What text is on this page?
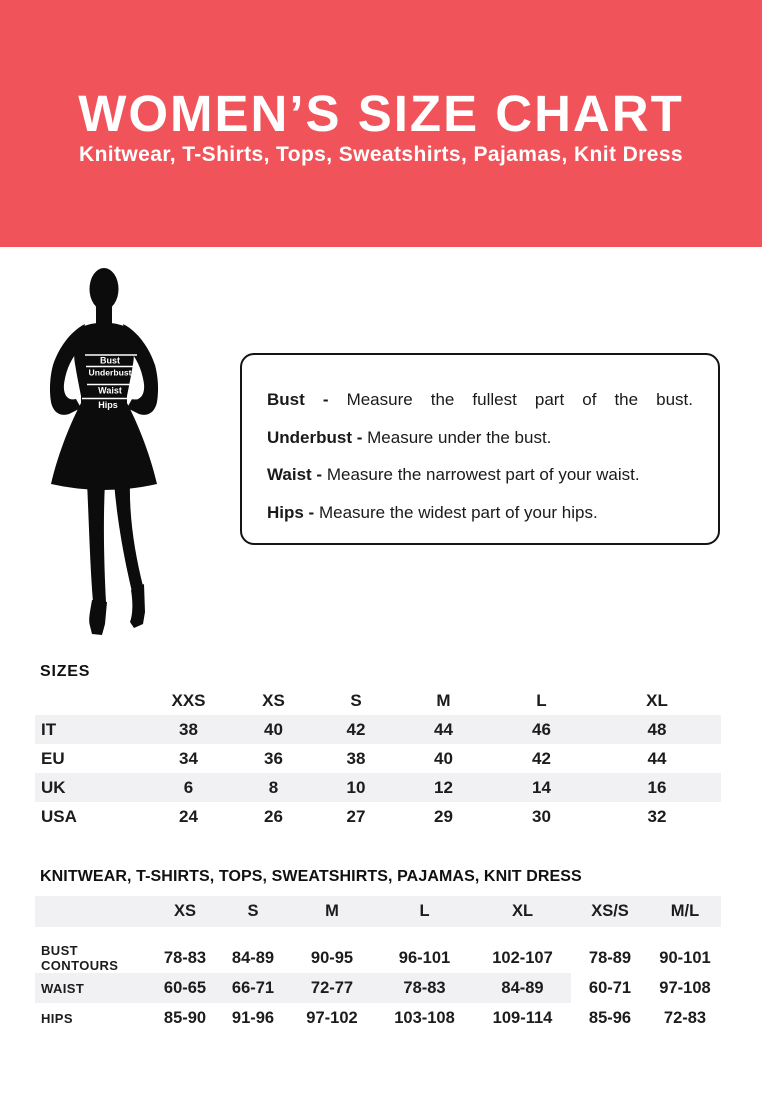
WOMEN’S SIZE CHART
Knitwear, T-Shirts, Tops, Sweatshirts, Pajamas, Knit Dress
Bust
Underbust
Waist
Hips	Bust - Measure the fullest part of the bust.
Underbust - Measure under the bust.
Waist - Measure the narrowest part of your waist.
Hips - Measure the widest part of your hips.
SIZES
	XXS	XS	S	M	L	XL
IT	38	40	42	44	46	48
EU	34	36	38	40	42	44
UK	6	8	10	12	14	16
USA	24	26	27	29	30	32
KNITWEAR, T-SHIRTS, TOPS, SWEATSHIRTS, PAJAMAS, KNIT DRESS
	XS	S	M	L	XL	XS/S	M/L

BUST CONTOURS	78-83	84-89	90-95	96-101	102-107	78-89	90-101
WAIST	60-65	66-71	72-77	78-83	84-89	60-71	97-108
HIPS	85-90	91-96	97-102	103-108	109-114	85-96	72-83
